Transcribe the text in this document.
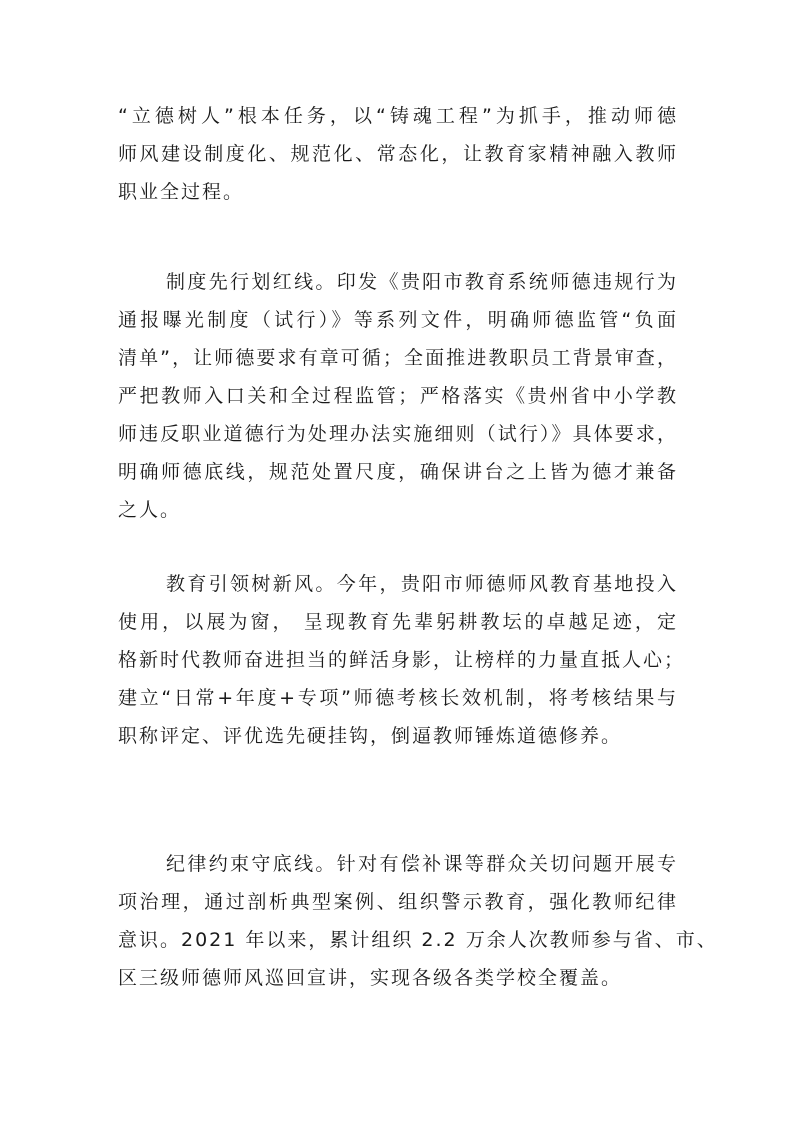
“立德树人”根本任务，以“铸魂工程”为抓手，推动师德
师风建设制度化、规范化、常态化，让教育家精神融入教师
职业全过程。
制度先行划红线。印发《贵阳市教育系统师德违规行为
通报曝光制度（试行）》等系列文件，明确师德监管“负面
清单”，让师德要求有章可循；全面推进教职员工背景审查，
严把教师入口关和全过程监管；严格落实《贵州省中小学教
师违反职业道德行为处理办法实施细则（试行）》具体要求，
明确师德底线，规范处置尺度，确保讲台之上皆为德才兼备
之人。
教育引领树新风。今年，贵阳市师德师风教育基地投入
使用，以展为窗， 呈现教育先辈躬耕教坛的卓越足迹，定
格新时代教师奋进担当的鲜活身影，让榜样的力量直抵人心；
建立“日常+年度+专项”师德考核长效机制，将考核结果与
职称评定、评优选先硬挂钩，倒逼教师锤炼道德修养。
纪律约束守底线。针对有偿补课等群众关切问题开展专
项治理，通过剖析典型案例、组织警示教育，强化教师纪律
意识。2021 年以来，累计组织 2.2 万余人次教师参与省、市、
区三级师德师风巡回宣讲，实现各级各类学校全覆盖。
